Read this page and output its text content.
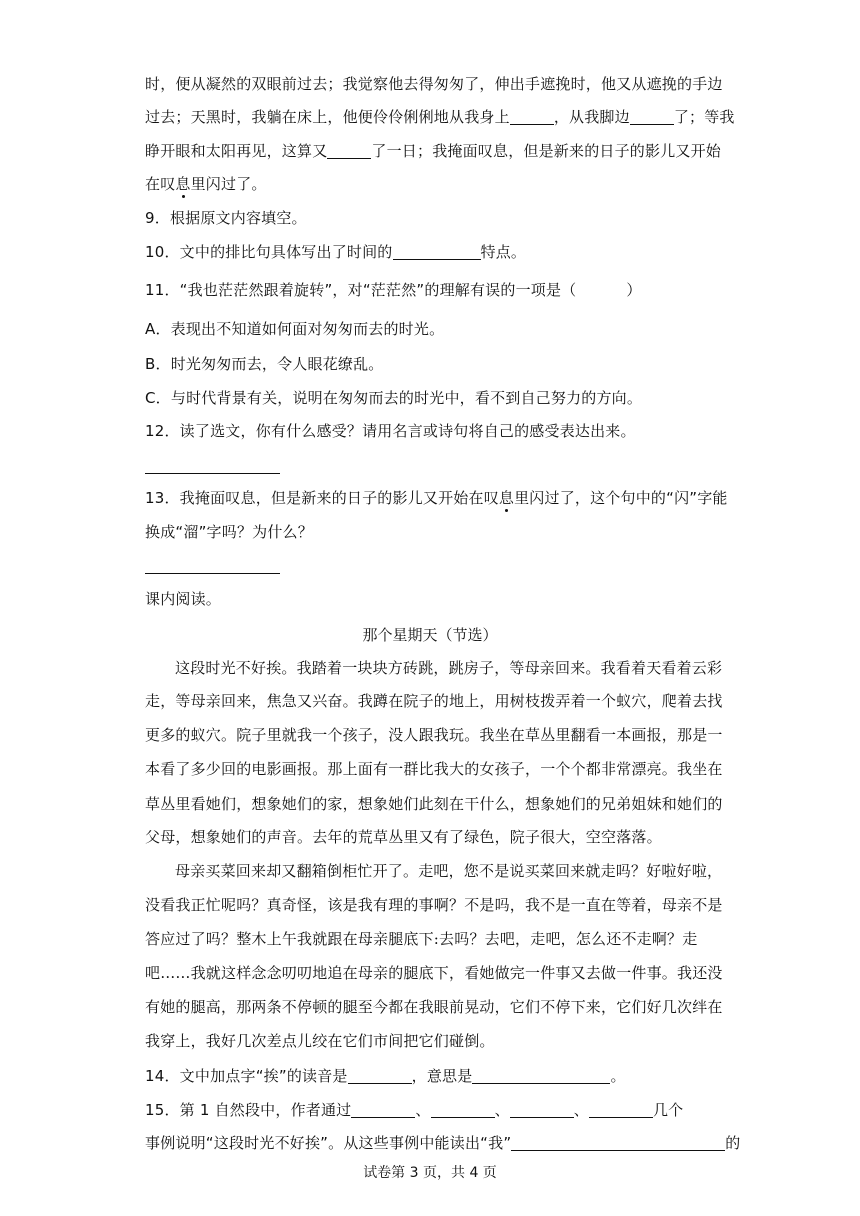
时，便从凝然的双眼前过去；我觉察他去得匆匆了，伸出手遮挽时，他又从遮挽的手边
过去；天黑时，我躺在床上，他便伶伶俐俐地从我身上	，从我脚边	了；等我
睁开眼和太阳再见，这算又	了一日；我掩面叹息，但是新来的日子的影儿又开始
在叹息里闪过了。
9．根据原文内容填空。
10．文中的排比句具体写出了时间的	特点。
11．“我也茫茫然跟着旋转”，对“茫茫然”的理解有误的一项是（	）
A．表现出不知道如何面对匆匆而去的时光。
B．时光匆匆而去，令人眼花缭乱。
C．与时代背景有关，说明在匆匆而去的时光中，看不到自己努力的方向。
12．读了选文，你有什么感受？请用名言或诗句将自己的感受表达出来。
13．我掩面叹息，但是新来的日子的影儿又开始在叹息里闪过了，这个句中的“闪”字能
换成“溜”字吗？为什么？
课内阅读。
那个星期天（节选）
这段时光不好挨。我踏着一块块方砖跳，跳房子，等母亲回来。我看着天看着云彩
走，等母亲回来，焦急又兴奋。我蹲在院子的地上，用树枝拨弄着一个蚁穴，爬着去找
更多的蚁穴。院子里就我一个孩子，没人跟我玩。我坐在草丛里翻看一本画报，那是一
本看了多少回的电影画报。那上面有一群比我大的女孩子，一个个都非常漂亮。我坐在
草丛里看她们，想象她们的家，想象她们此刻在干什么，想象她们的兄弟姐妹和她们的
父母，想象她们的声音。去年的荒草丛里又有了绿色，院子很大，空空落落。
母亲买菜回来却又翻箱倒柜忙开了。走吧，您不是说买菜回来就走吗？好啦好啦，
没看我正忙呢吗？真奇怪，该是我有理的事啊？不是吗，我不是一直在等着，母亲不是
答应过了吗？整木上午我就跟在母亲腿底下:去吗？去吧，走吧，怎么还不走啊？走
吧……我就这样念念叨叨地追在母亲的腿底下，看她做完一件事又去做一件事。我还没
有她的腿高，那两条不停顿的腿至今都在我眼前晃动，它们不停下来，它们好几次绊在
我穿上，我好几次差点儿绞在它们市间把它们碰倒。
14．文中加点字“挨”的读音是	，意思是	。
15．第 1 自然段中，作者通过	、	、	、	几个
事例说明“这段时光不好挨”。从这些事例中能读出“我”	的
试卷第 3 页，共 4 页
